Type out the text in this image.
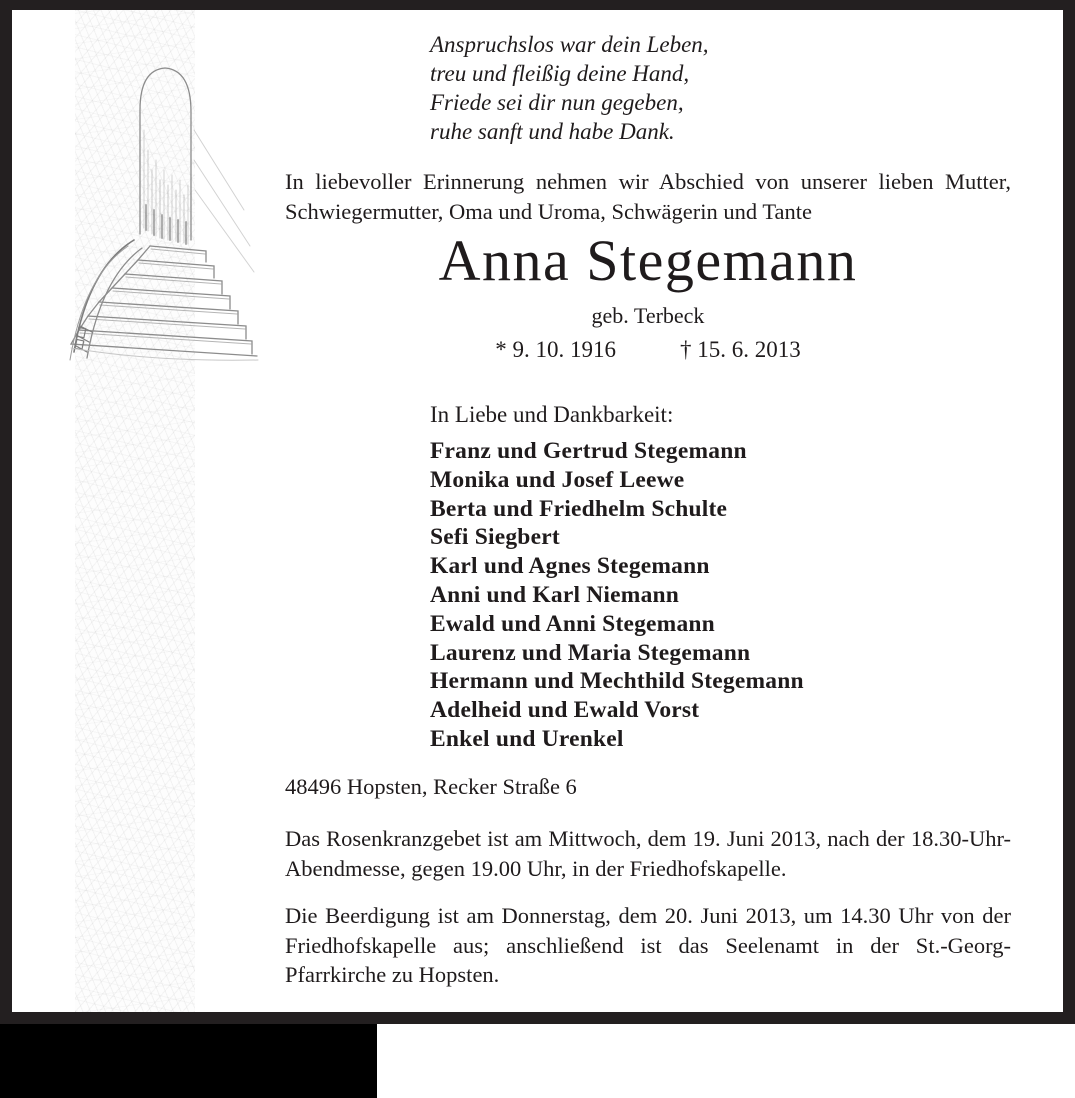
Anspruchslos war dein Leben,
treu und fleißig deine Hand,
Friede sei dir nun gegeben,
ruhe sanft und habe Dank.
In liebevoller Erinnerung nehmen wir Abschied von unserer lieben Mutter, Schwiegermutter, Oma und Uroma, Schwägerin und Tante
Anna Stegemann
geb. Terbeck
* 9. 10. 1916	† 15. 6. 2013
In Liebe und Dankbarkeit:
Franz und Gertrud Stegemann
Monika und Josef Leewe
Berta und Friedhelm Schulte
Sefi Siegbert
Karl und Agnes Stegemann
Anni und Karl Niemann
Ewald und Anni Stegemann
Laurenz und Maria Stegemann
Hermann und Mechthild Stegemann
Adelheid und Ewald Vorst
Enkel und Urenkel
48496 Hopsten, Recker Straße 6
Das Rosenkranzgebet ist am Mittwoch, dem 19. Juni 2013, nach der 18.30-Uhr-Abendmesse, gegen 19.00 Uhr, in der Friedhofskapelle.
Die Beerdigung ist am Donnerstag, dem 20. Juni 2013, um 14.30 Uhr von der Friedhofskapelle aus; anschließend ist das Seelenamt in der St.-Georg-Pfarrkirche zu Hopsten.
